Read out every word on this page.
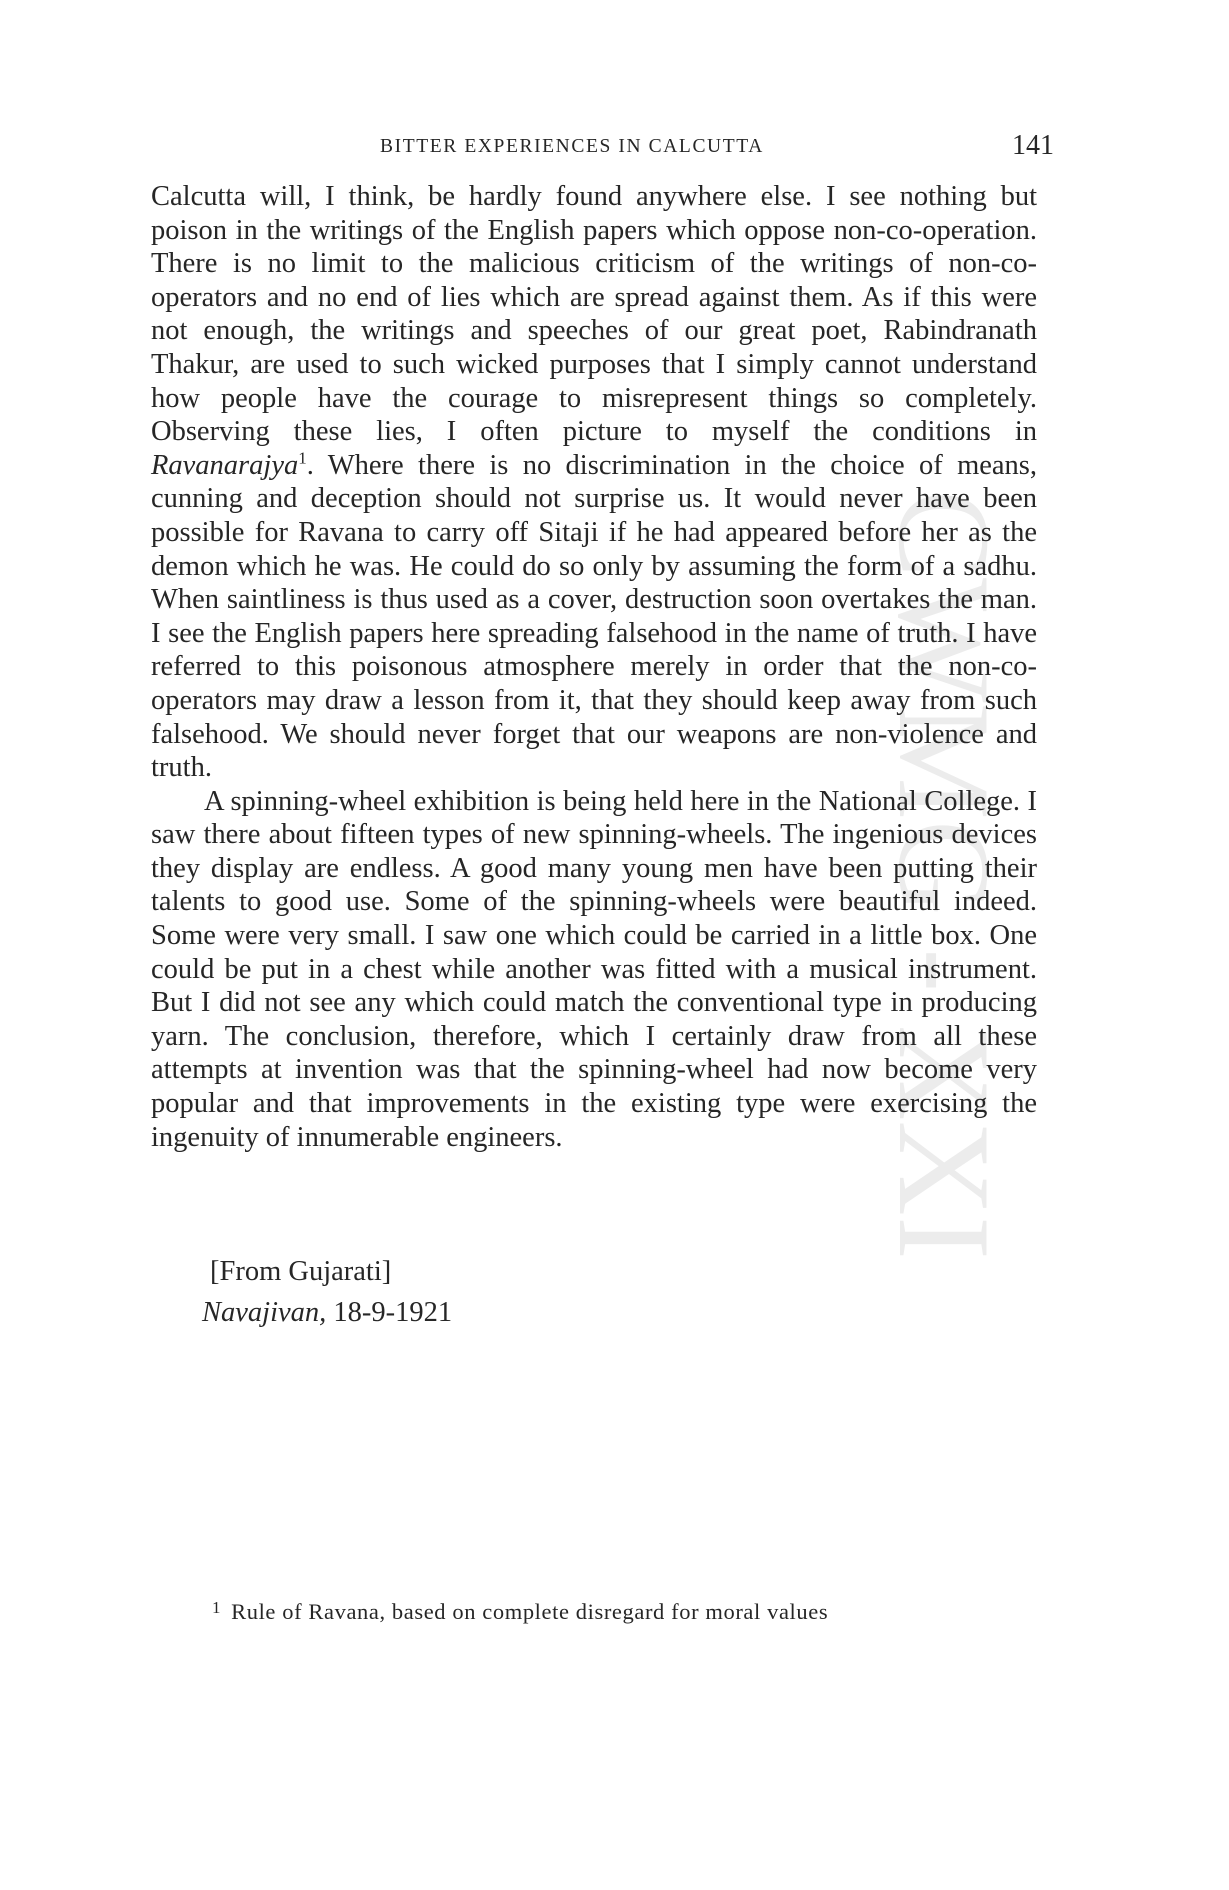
CWMG - XXI
BITTER EXPERIENCES IN CALCUTTA	141

Calcutta will, I think, be hardly found anywhere else. I see nothing but poison in the writings of the English papers which oppose non-co-operation. There is no limit to the malicious criticism of the writings of non-co-operators and no end of lies which are spread against them. As if this were not enough, the writings and speeches of our great poet, Rabindranath Thakur, are used to such wicked purposes that I simply cannot understand how people have the courage to misrepresent things so completely. Observing these lies, I often picture to myself the conditions in Ravanarajya$^1$. Where there is no discrimination in the choice of means, cunning and deception should not surprise us. It would never have been possible for Ravana to carry off Sitaji if he had appeared before her as the demon which he was. He could do so only by assuming the form of a sadhu. When saintliness is thus used as a cover, destruction soon overtakes the man. I see the English papers here spreading falsehood in the name of truth. I have referred to this poisonous atmosphere merely in order that the non-co-operators may draw a lesson from it, that they should keep away from such falsehood. We should never forget that our weapons are non-violence and truth.

A spinning-wheel exhibition is being held here in the National College. I saw there about fifteen types of new spinning-wheels. The ingenious devices they display are endless. A good many young men have been putting their talents to good use. Some of the spinning-wheels were beautiful indeed. Some were very small. I saw one which could be carried in a little box. One could be put in a chest while another was fitted with a musical instrument. But I did not see any which could match the conventional type in producing yarn. The conclusion, therefore, which I certainly draw from all these attempts at invention was that the spinning-wheel had now become very popular and that improvements in the existing type were exercising the ingenuity of innumerable engineers.

[From Gujarati]
Navajivan, 18-9-1921
$^1$ Rule of Ravana, based on complete disregard for moral values
